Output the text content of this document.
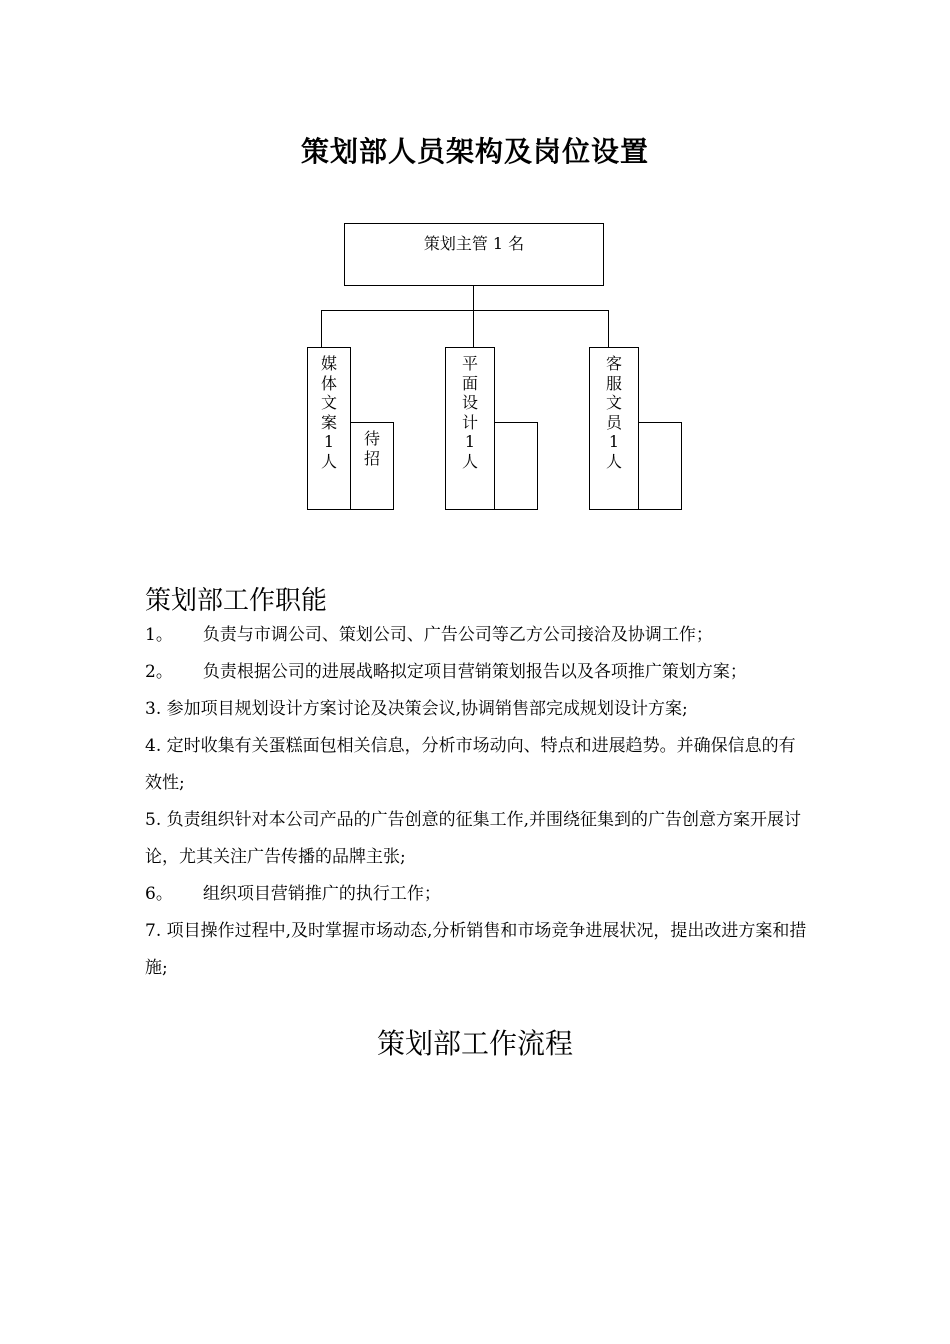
策划部人员架构及岗位设置
策划主管 1 名
媒
体
文
案
1
人
待
招
平
面
设
计
1
人
客
服
文
员
1
人
策划部工作职能
1。 负责与市调公司、策划公司、广告公司等乙方公司接洽及协调工作；
2。 负责根据公司的进展战略拟定项目营销策划报告以及各项推广策划方案；
3. 参加项目规划设计方案讨论及决策会议,协调销售部完成规划设计方案;
4. 定时收集有关蛋糕面包相关信息，分析市场动向、特点和进展趋势。并确保信息的有效性;
5. 负责组织针对本公司产品的广告创意的征集工作,并围绕征集到的广告创意方案开展讨论，尤其关注广告传播的品牌主张;
6。 组织项目营销推广的执行工作；
7. 项目操作过程中,及时掌握市场动态,分析销售和市场竞争进展状况，提出改进方案和措施;
策划部工作流程
